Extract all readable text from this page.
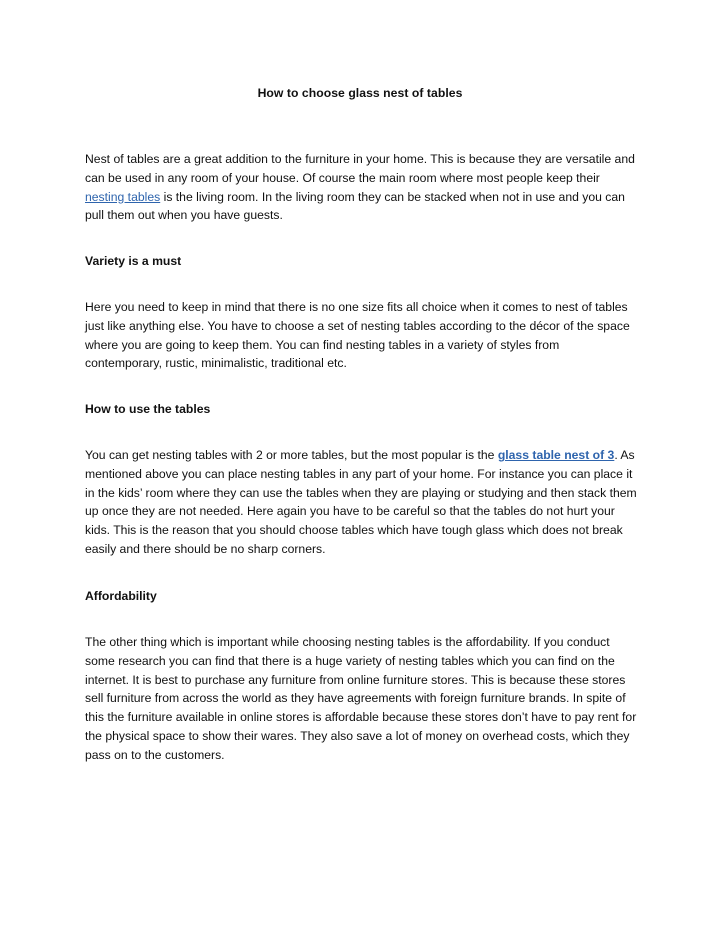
How to choose glass nest of tables

Nest of tables are a great addition to the furniture in your home. This is because they are versatile and can be used in any room of your house. Of course the main room where most people keep their nesting tables is the living room. In the living room they can be stacked when not in use and you can pull them out when you have guests.

Variety is a must

Here you need to keep in mind that there is no one size fits all choice when it comes to nest of tables just like anything else. You have to choose a set of nesting tables according to the décor of the space where you are going to keep them. You can find nesting tables in a variety of styles from contemporary, rustic, minimalistic, traditional etc.

How to use the tables

You can get nesting tables with 2 or more tables, but the most popular is the glass table nest of 3. As mentioned above you can place nesting tables in any part of your home. For instance you can place it in the kids’ room where they can use the tables when they are playing or studying and then stack them up once they are not needed. Here again you have to be careful so that the tables do not hurt your kids. This is the reason that you should choose tables which have tough glass which does not break easily and there should be no sharp corners.

Affordability

The other thing which is important while choosing nesting tables is the affordability. If you conduct some research you can find that there is a huge variety of nesting tables which you can find on the internet. It is best to purchase any furniture from online furniture stores. This is because these stores sell furniture from across the world as they have agreements with foreign furniture brands. In spite of this the furniture available in online stores is affordable because these stores don’t have to pay rent for the physical space to show their wares. They also save a lot of money on overhead costs, which they pass on to the customers.
